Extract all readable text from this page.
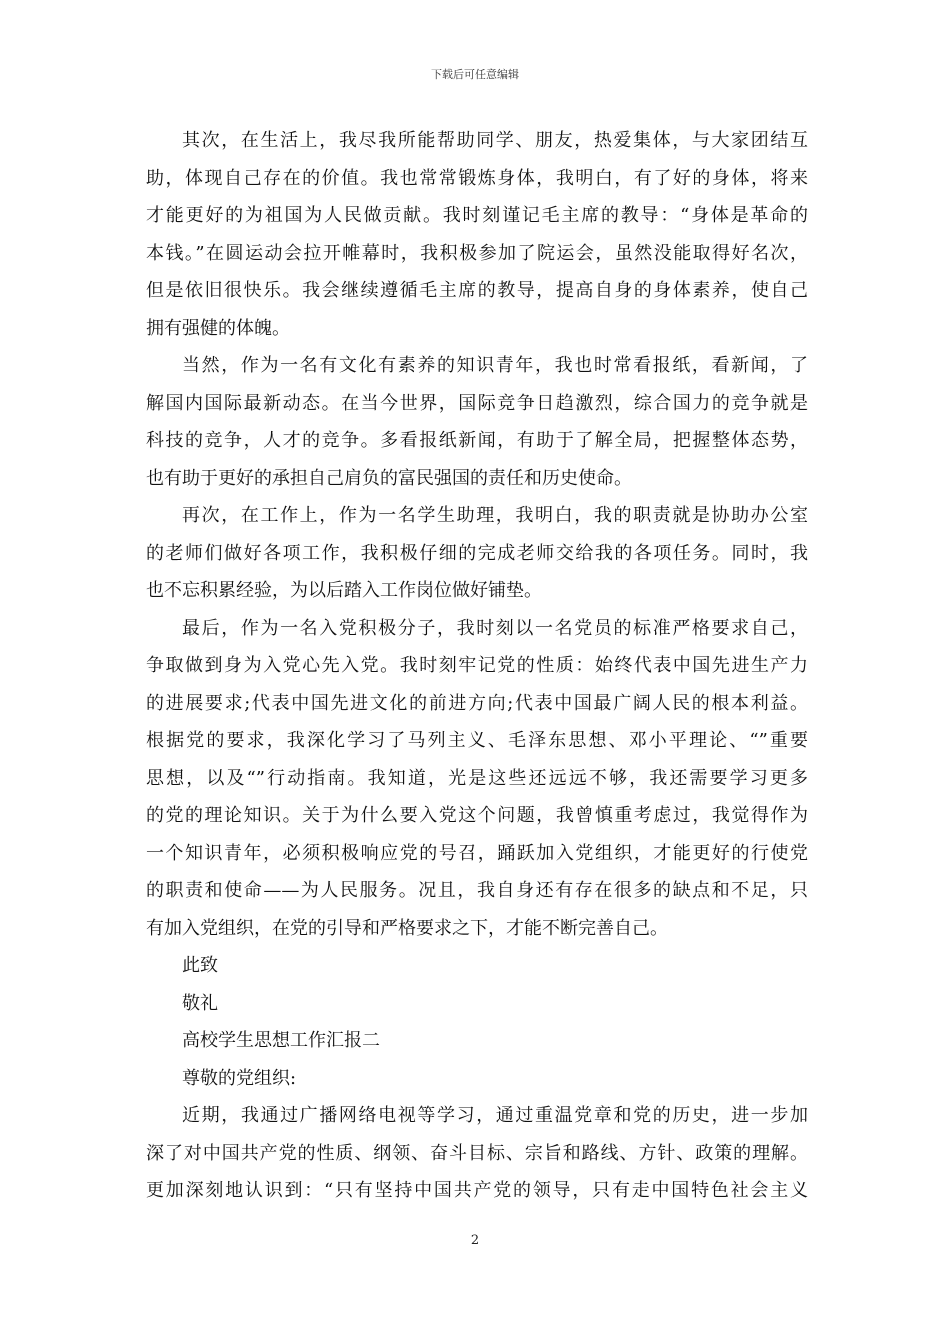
下载后可任意编辑
其次，在生活上，我尽我所能帮助同学、朋友，热爱集体，与大家团结互
助，体现自己存在的价值。我也常常锻炼身体，我明白，有了好的身体，将来
才能更好的为祖国为人民做贡献。我时刻谨记毛主席的教导：“身体是革命的
本钱。”在圆运动会拉开帷幕时，我积极参加了院运会，虽然没能取得好名次，
但是依旧很快乐。我会继续遵循毛主席的教导，提高自身的身体素养，使自己
拥有强健的体魄。
当然，作为一名有文化有素养的知识青年，我也时常看报纸，看新闻，了
解国内国际最新动态。在当今世界，国际竞争日趋激烈，综合国力的竞争就是
科技的竞争，人才的竞争。多看报纸新闻，有助于了解全局，把握整体态势，
也有助于更好的承担自己肩负的富民强国的责任和历史使命。
再次，在工作上，作为一名学生助理，我明白，我的职责就是协助办公室
的老师们做好各项工作，我积极仔细的完成老师交给我的各项任务。同时，我
也不忘积累经验，为以后踏入工作岗位做好铺垫。
最后，作为一名入党积极分子，我时刻以一名党员的标准严格要求自己，
争取做到身为入党心先入党。我时刻牢记党的性质：始终代表中国先进生产力
的进展要求;代表中国先进文化的前进方向;代表中国最广阔人民的根本利益。
根据党的要求，我深化学习了马列主义、毛泽东思想、邓小平理论、“”重要
思想，以及“”行动指南。我知道，光是这些还远远不够，我还需要学习更多
的党的理论知识。关于为什么要入党这个问题，我曾慎重考虑过，我觉得作为
一个知识青年，必须积极响应党的号召，踊跃加入党组织，才能更好的行使党
的职责和使命——为人民服务。况且，我自身还有存在很多的缺点和不足，只
有加入党组织，在党的引导和严格要求之下，才能不断完善自己。
此致
敬礼
高校学生思想工作汇报二
尊敬的党组织:
近期，我通过广播网络电视等学习，通过重温党章和党的历史，进一步加
深了对中国共产党的性质、纲领、奋斗目标、宗旨和路线、方针、政策的理解。
更加深刻地认识到：“只有坚持中国共产党的领导，只有走中国特色社会主义
2
